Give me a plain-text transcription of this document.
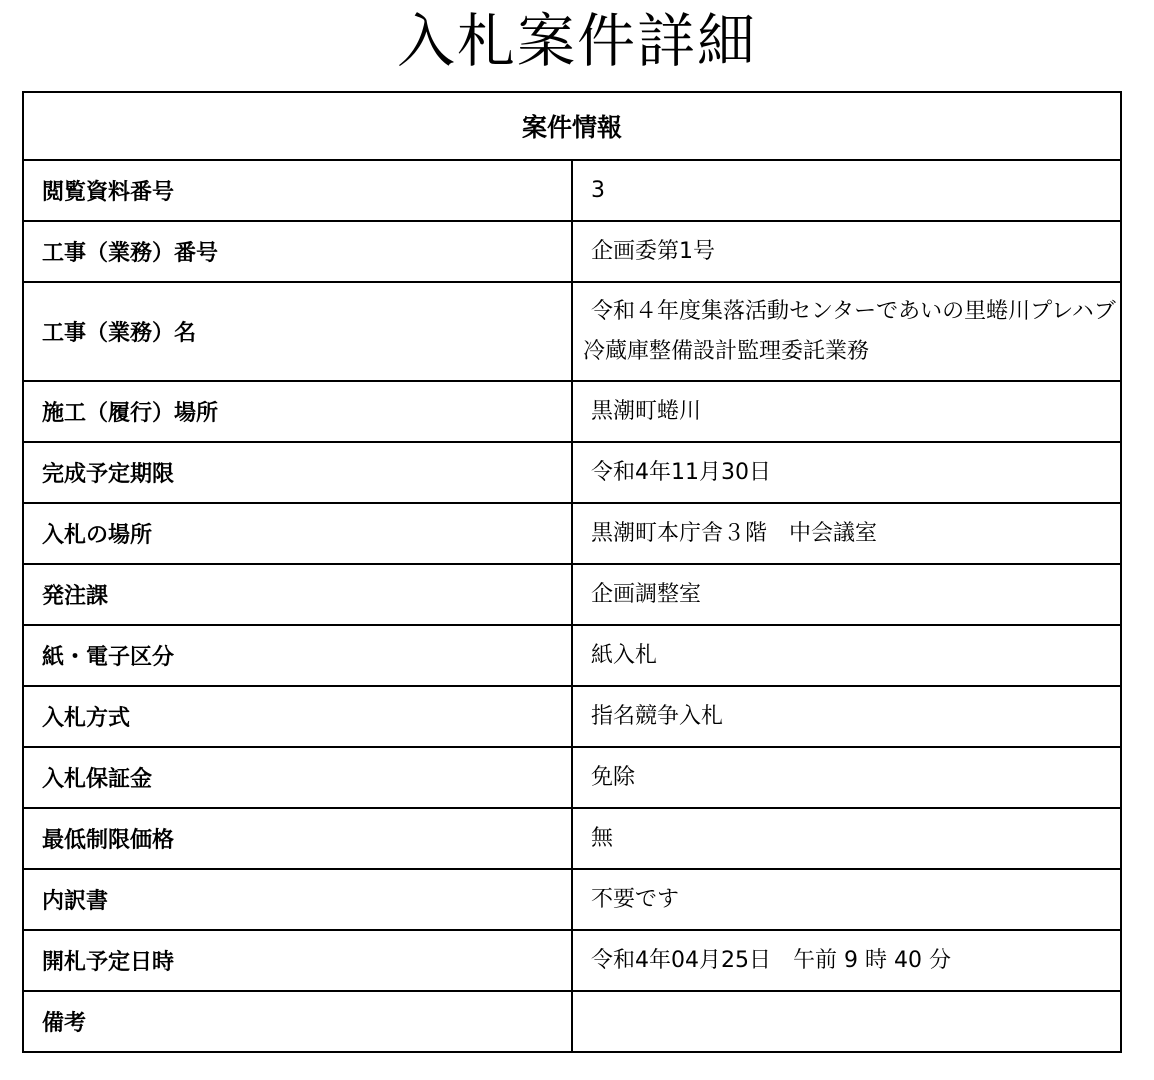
入札案件詳細
案件情報	
閲覧資料番号	3
工事（業務）番号	企画委第1号
工事（業務）名	令和４年度集落活動センターであいの里蜷川プレハブ冷蔵庫整備設計監理委託業務
施工（履行）場所	黒潮町蜷川
完成予定期限	令和4年11月30日
入札の場所	黒潮町本庁舎３階　中会議室
発注課	企画調整室
紙・電子区分	紙入札
入札方式	指名競争入札
入札保証金	免除
最低制限価格	無
内訳書	不要です
開札予定日時	令和4年04月25日　午前 9 時 40 分
備考	
